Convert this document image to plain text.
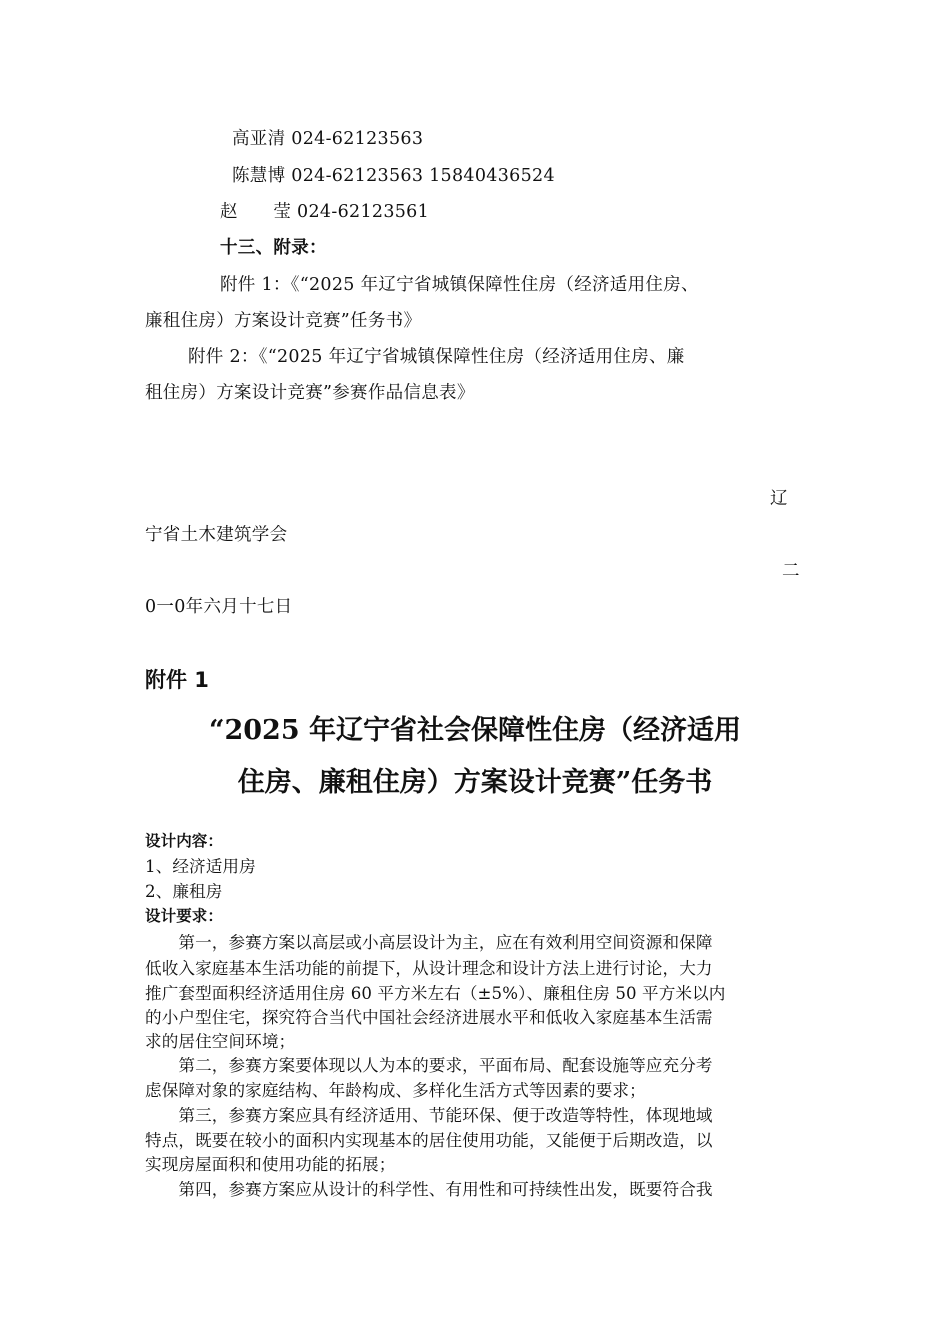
高亚清 024-62123563
陈慧博 024-62123563 15840436524
赵　　莹 024-62123561
十三、附录：
附件 1：《“2025 年辽宁省城镇保障性住房（经济适用住房、
廉租住房）方案设计竞赛”任务书》
附件 2：《“2025 年辽宁省城镇保障性住房（经济适用住房、廉
租住房）方案设计竞赛”参赛作品信息表》
辽
宁省土木建筑学会
二
0一0年六月十七日
附件 1
“2025 年辽宁省社会保障性住房（经济适用
住房、廉租住房）方案设计竞赛”任务书
设计内容：
1、经济适用房
2、廉租房
设计要求：
　　第一，参赛方案以高层或小高层设计为主，应在有效利用空间资源和保障
低收入家庭基本生活功能的前提下，从设计理念和设计方法上进行讨论，大力
推广套型面积经济适用住房 60 平方米左右（±5%）、廉租住房 50 平方米以内
的小户型住宅，探究符合当代中国社会经济进展水平和低收入家庭基本生活需
求的居住空间环境；
　　第二，参赛方案要体现以人为本的要求，平面布局、配套设施等应充分考
虑保障对象的家庭结构、年龄构成、多样化生活方式等因素的要求；
　　第三，参赛方案应具有经济适用、节能环保、便于改造等特性，体现地域
特点，既要在较小的面积内实现基本的居住使用功能，又能便于后期改造，以
实现房屋面积和使用功能的拓展；
　　第四，参赛方案应从设计的科学性、有用性和可持续性出发，既要符合我
